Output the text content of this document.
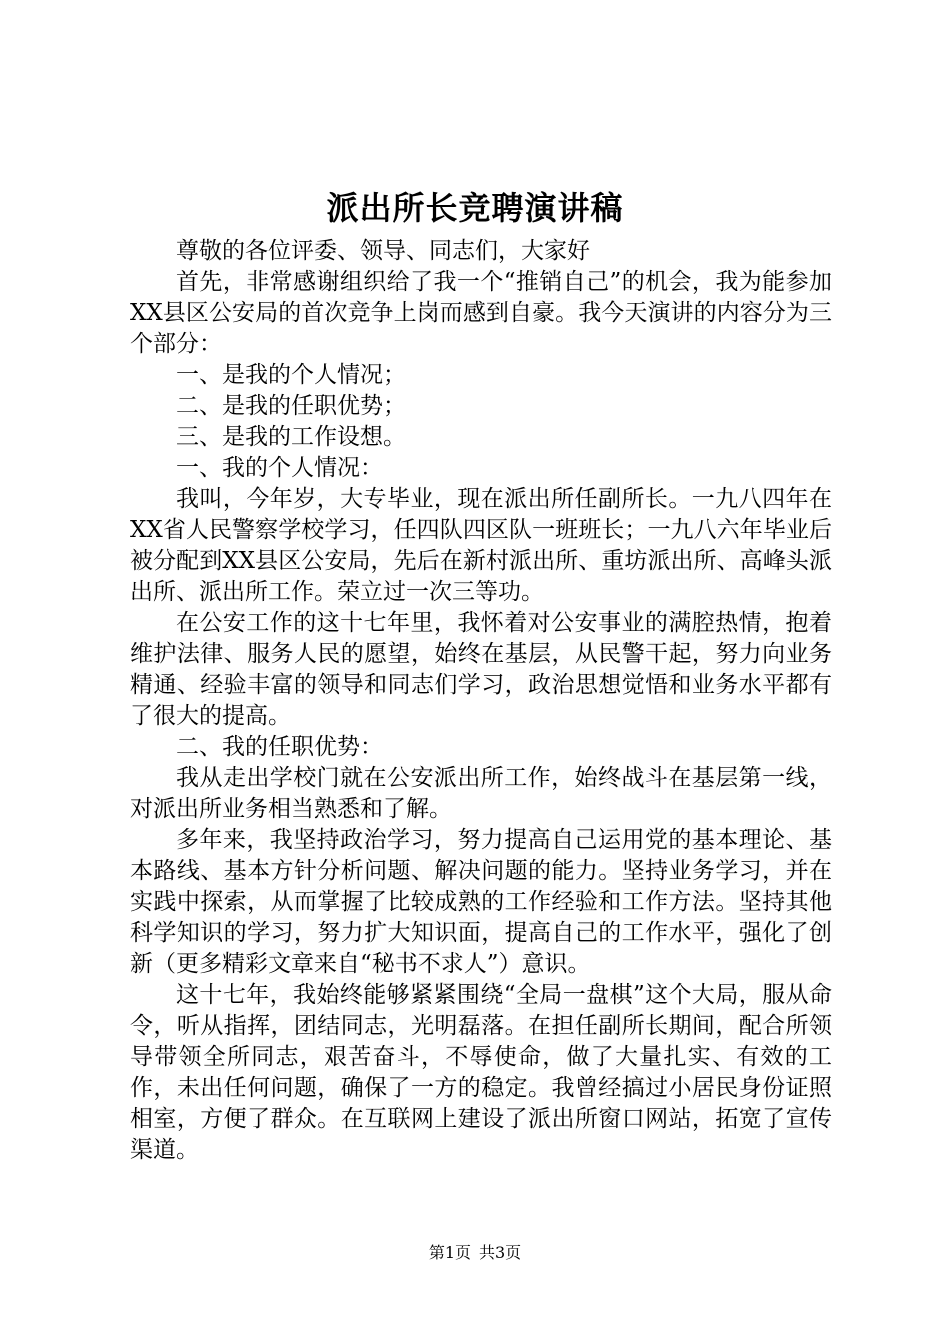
派出所长竞聘演讲稿

尊敬的各位评委、领导、同志们，大家好

首先，非常感谢组织给了我一个“推销自己”的机会，我为能参加XX县区公安局的首次竞争上岗而感到自豪。我今天演讲的内容分为三个部分：

一、是我的个人情况；

二、是我的任职优势；

三、是我的工作设想。

一、我的个人情况：

我叫，今年岁，大专毕业，现在派出所任副所长。一九八四年在XX省人民警察学校学习，任四队四区队一班班长；一九八六年毕业后被分配到XX县区公安局，先后在新村派出所、重坊派出所、高峰头派出所、派出所工作。荣立过一次三等功。

在公安工作的这十七年里，我怀着对公安事业的满腔热情，抱着维护法律、服务人民的愿望，始终在基层，从民警干起，努力向业务精通、经验丰富的领导和同志们学习，政治思想觉悟和业务水平都有了很大的提高。

二、我的任职优势：

我从走出学校门就在公安派出所工作，始终战斗在基层第一线，对派出所业务相当熟悉和了解。

多年来，我坚持政治学习，努力提高自己运用党的基本理论、基本路线、基本方针分析问题、解决问题的能力。坚持业务学习，并在实践中探索，从而掌握了比较成熟的工作经验和工作方法。坚持其他科学知识的学习，努力扩大知识面，提高自己的工作水平，强化了创新（更多精彩文章来自“秘书不求人”）意识。

这十七年，我始终能够紧紧围绕“全局一盘棋”这个大局，服从命令，听从指挥，团结同志，光明磊落。在担任副所长期间，配合所领导带领全所同志，艰苦奋斗，不辱使命，做了大量扎实、有效的工作，未出任何问题，确保了一方的稳定。我曾经搞过小居民身份证照相室，方便了群众。在互联网上建设了派出所窗口网站，拓宽了宣传渠道。

第1页 共3页
